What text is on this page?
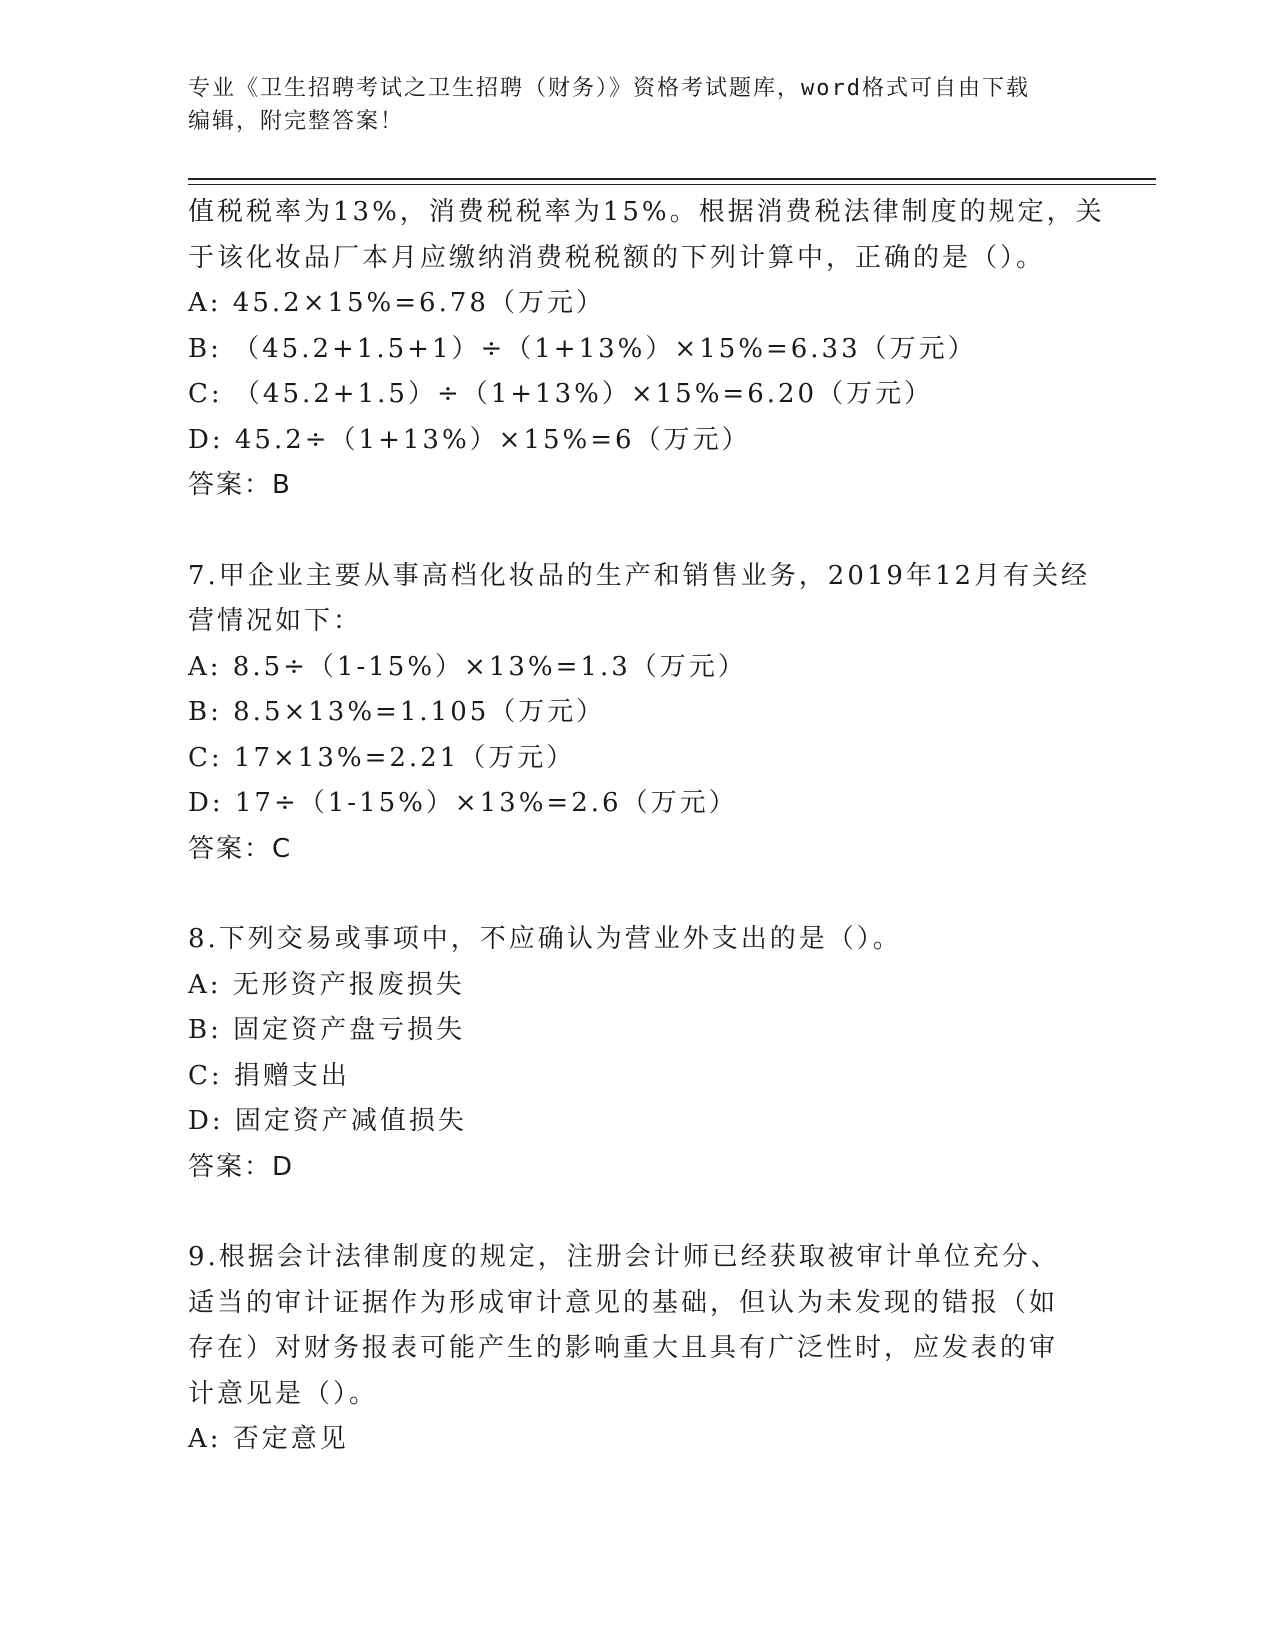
专业《卫生招聘考试之卫生招聘（财务）》资格考试题库，word格式可自由下载
编辑，附完整答案！
值税税率为13%，消费税税率为15%。根据消费税法律制度的规定，关
于该化妆品厂本月应缴纳消费税税额的下列计算中，正确的是（）。
A: 45.2×15%=6.78（万元）
B: （45.2+1.5+1）÷（1+13%）×15%=6.33（万元）
C: （45.2+1.5）÷（1+13%）×15%=6.20（万元）
D: 45.2÷（1+13%）×15%=6（万元）
答案：B
7.甲企业主要从事高档化妆品的生产和销售业务，2019年12月有关经
营情况如下：
A: 8.5÷（1-15%）×13%=1.3（万元）
B: 8.5×13%=1.105（万元）
C: 17×13%=2.21（万元）
D: 17÷（1-15%）×13%=2.6（万元）
答案：C
8.下列交易或事项中，不应确认为营业外支出的是（）。
A: 无形资产报废损失
B: 固定资产盘亏损失
C: 捐赠支出
D: 固定资产减值损失
答案：D
9.根据会计法律制度的规定，注册会计师已经获取被审计单位充分、
适当的审计证据作为形成审计意见的基础，但认为未发现的错报（如
存在）对财务报表可能产生的影响重大且具有广泛性时，应发表的审
计意见是（）。
A: 否定意见
